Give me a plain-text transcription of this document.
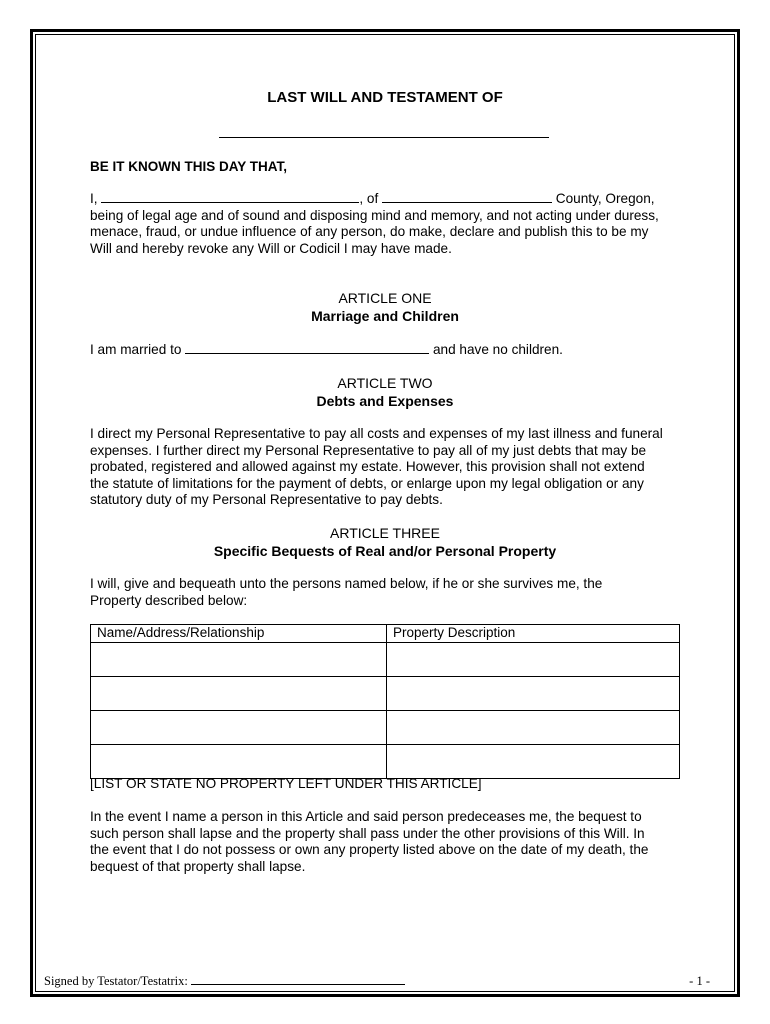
LAST WILL AND TESTAMENT OF
BE IT KNOWN THIS DAY THAT,
I,	, of	County, Oregon,
being of legal age and of sound and disposing mind and memory, and not acting under duress,
menace, fraud, or undue influence of any person, do make, declare and publish this to be my
Will and hereby revoke any Will or Codicil I may have made.
ARTICLE ONE
Marriage and Children
I am married to	and have no children.
ARTICLE TWO
Debts and Expenses
I direct my Personal Representative to pay all costs and expenses of my last illness and funeral
expenses. I further direct my Personal Representative to pay all of my just debts that may be
probated, registered and allowed against my estate. However, this provision shall not extend
the statute of limitations for the payment of debts, or enlarge upon my legal obligation or any
statutory duty of my Personal Representative to pay debts.
ARTICLE THREE
Specific Bequests of Real and/or Personal Property
I will, give and bequeath unto the persons named below, if he or she survives me, the
Property described below:
Name/Address/Relationship	Property Description

[LIST OR STATE NO PROPERTY LEFT UNDER THIS ARTICLE]
In the event I name a person in this Article and said person predeceases me, the bequest to
such person shall lapse and the property shall pass under the other provisions of this Will. In
the event that I do not possess or own any property listed above on the date of my death, the
bequest of that property shall lapse.
Signed by Testator/Testatrix:	- 1 -
